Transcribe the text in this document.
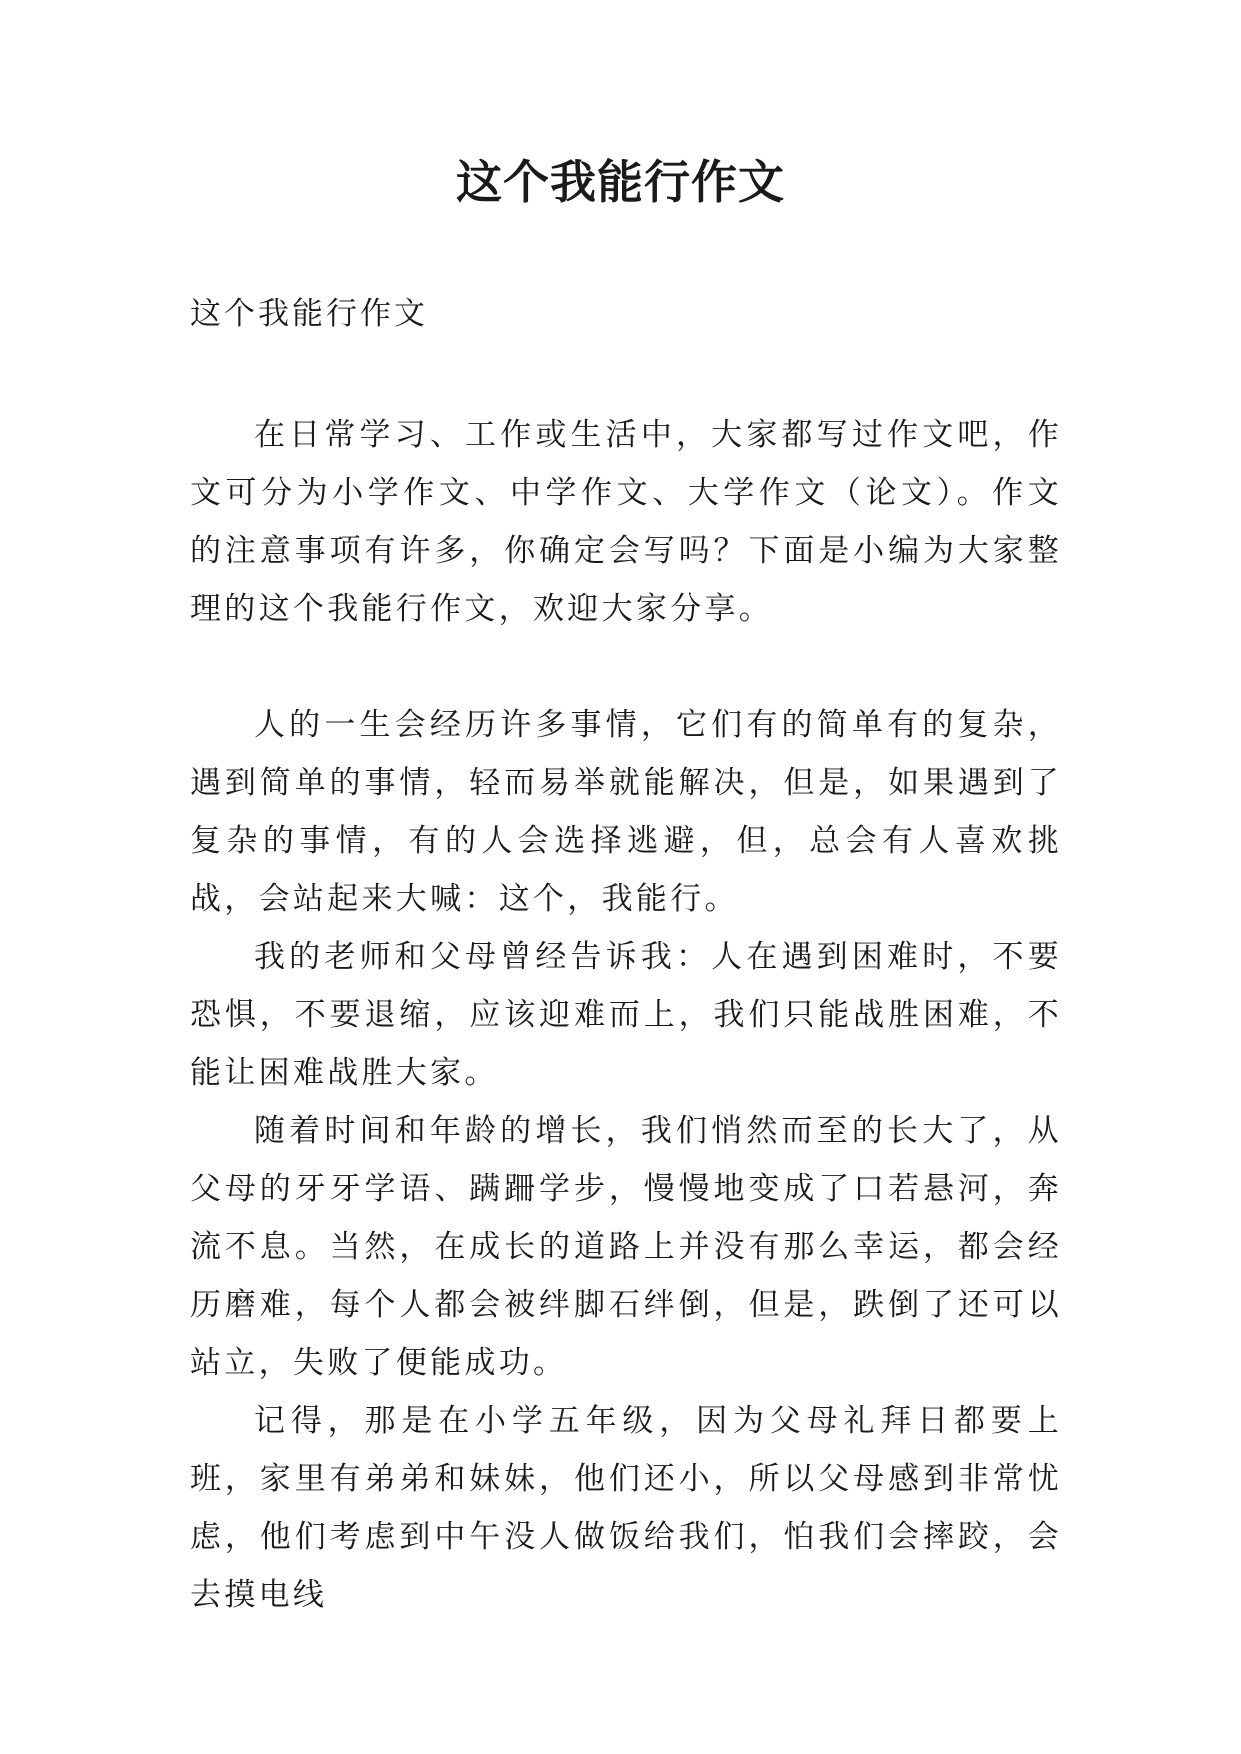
这个我能行作文

这个我能行作文

在日常学习、工作或生活中，大家都写过作文吧，作文可分为小学作文、中学作文、大学作文（论文）。作文的注意事项有许多，你确定会写吗？下面是小编为大家整理的这个我能行作文，欢迎大家分享。

人的一生会经历许多事情，它们有的简单有的复杂，遇到简单的事情，轻而易举就能解决，但是，如果遇到了复杂的事情，有的人会选择逃避，但，总会有人喜欢挑战，会站起来大喊：这个，我能行。

我的老师和父母曾经告诉我：人在遇到困难时，不要恐惧，不要退缩，应该迎难而上，我们只能战胜困难，不能让困难战胜大家。

随着时间和年龄的增长，我们悄然而至的长大了，从父母的牙牙学语、蹒跚学步，慢慢地变成了口若悬河，奔流不息。当然，在成长的道路上并没有那么幸运，都会经历磨难，每个人都会被绊脚石绊倒，但是，跌倒了还可以站立，失败了便能成功。

记得，那是在小学五年级，因为父母礼拜日都要上班，家里有弟弟和妹妹，他们还小，所以父母感到非常忧虑，他们考虑到中午没人做饭给我们，怕我们会摔跤，会去摸电线
